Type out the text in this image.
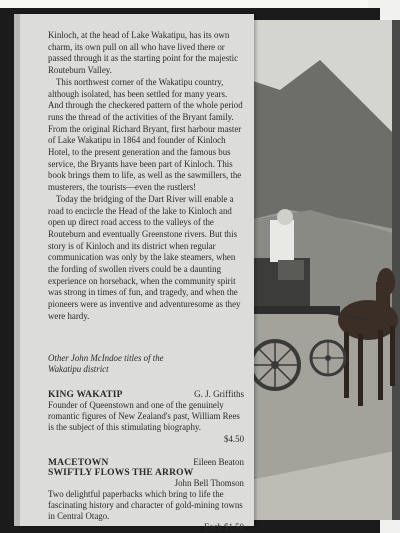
Kinloch, at the head of Lake Wakatipu, has its own charm, its own pull on all who have lived there or passed through it as the starting point for the majestic Routeburn Valley.

This northwest corner of the Wakatipu country, although isolated, has been settled for many years. And through the checkered pattern of the whole period runs the thread of the activities of the Bryant family. From the original Richard Bryant, first harbour master of Lake Wakatipu in 1864 and founder of Kinloch Hotel, to the present generation and the famous bus service, the Bryants have been part of Kinloch. This book brings them to life, as well as the sawmillers, the musterers, the tourists—even the rustlers!

Today the bridging of the Dart River will enable a road to encircle the Head of the lake to Kinloch and open up direct road access to the valleys of the Routeburn and eventually Greenstone rivers. But this story is of Kinloch and its district when regular communication was only by the lake steamers, when the fording of swollen rivers could be a daunting experience on horseback, when the community spirit was strong in times of fun, and tragedy, and when the pioneers were as inventive and adventuresome as they were hardy.

Other John McIndoe titles of the
Wakatipu district

KING WAKATIP	G. J. Griffiths

Founder of Queenstown and one of the genuinely romantic figures of New Zealand's past, William Rees is the subject of this stimulating biography.

$4.50
MACETOWN	Eileen Beaton
SWIFTLY FLOWS THE ARROW
John Bell Thomson

Two delightful paperbacks which bring to life the fascinating history and character of gold-mining towns in Central Otago.

Each $1.50
